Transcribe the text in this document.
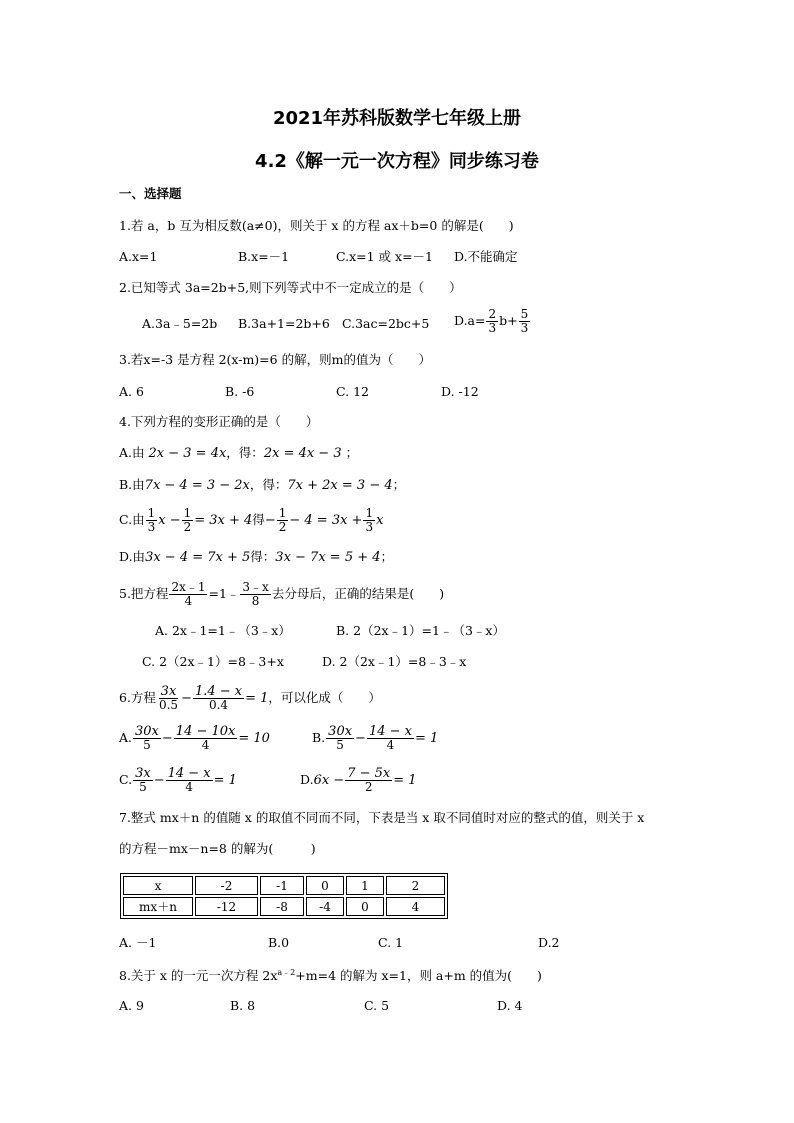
2021年苏科版数学七年级上册
4.2《解一元一次方程》同步练习卷
一、选择题
1.若 a，b 互为相反数(a≠0)，则关于 x 的方程 ax＋b=0 的解是(　　)
A.x=1	B.x=－1	C.x=1 或 x=－1 D.不能确定
2.已知等式 3a=2b+5,则下列等式中不一定成立的是（　　）
A.3a﹣5=2b B.3a+1=2b+6 C.3ac=2bc+5 $D.a= \frac{2}{3} b+ \frac{5}{3}$
3.若x=-3 是方程 2(x-m)=6 的解，则m的值为（　　）
A. 6	B. -6	C. 12	D. -12
4.下列方程的变形正确的是（　　）
A.由 2x − 3 = 4x，得：2x = 4x − 3 ；
B.由7x − 4 = 3 − 2x，得：7x + 2x = 3 − 4；
C.由 $\frac{1}{3}$ $x - \frac{1}{2} = 3x + 4$得− $\frac{1}{2} - 4 = 3x + \frac{1}{3}$ x
D.由3x − 4 = 7x + 5得：3x − 7x = 5 + 4；
5.把方程 $\frac{2x﹣1}{4}$ =1﹣ $\frac{3﹣x}{8}$ 去分母后，正确的结果是(　　)
A. 2x﹣1=1﹣（3﹣x）	B. 2（2x﹣1）=1﹣（3﹣x）
C. 2（2x﹣1）=8﹣3+x	D. 2（2x﹣1）=8﹣3﹣x
6.方程 $\frac{3x}{0.5} - \frac{1.4 - x}{0.4} = 1$，可以化成（　　）
A. $\frac{30x}{5} - \frac{14 - 10x}{4} = 10$	B. $\frac{30x}{5} - \frac{14 - x}{4} = 1$
C. $\frac{3x}{5} - \frac{14 - x}{4} = 1$	$D.6x - \frac{7 - 5x}{2} = 1$
7.整式 mx＋n 的值随 x 的取值不同而不同，下表是当 x 取不同值时对应的整式的值，则关于 x
的方程－mx－n=8 的解为(　　　)
x	-2	-1	0	1	2
mx＋n	-12	-8	-4	0	4
A. －1	B.0	C. 1	D.2
8.关于 x 的一元一次方程 $2x^{a﹣2}+m=4$ 的解为 x=1，则 a+m 的值为(　　)
A. 9	B. 8	C. 5	D. 4
